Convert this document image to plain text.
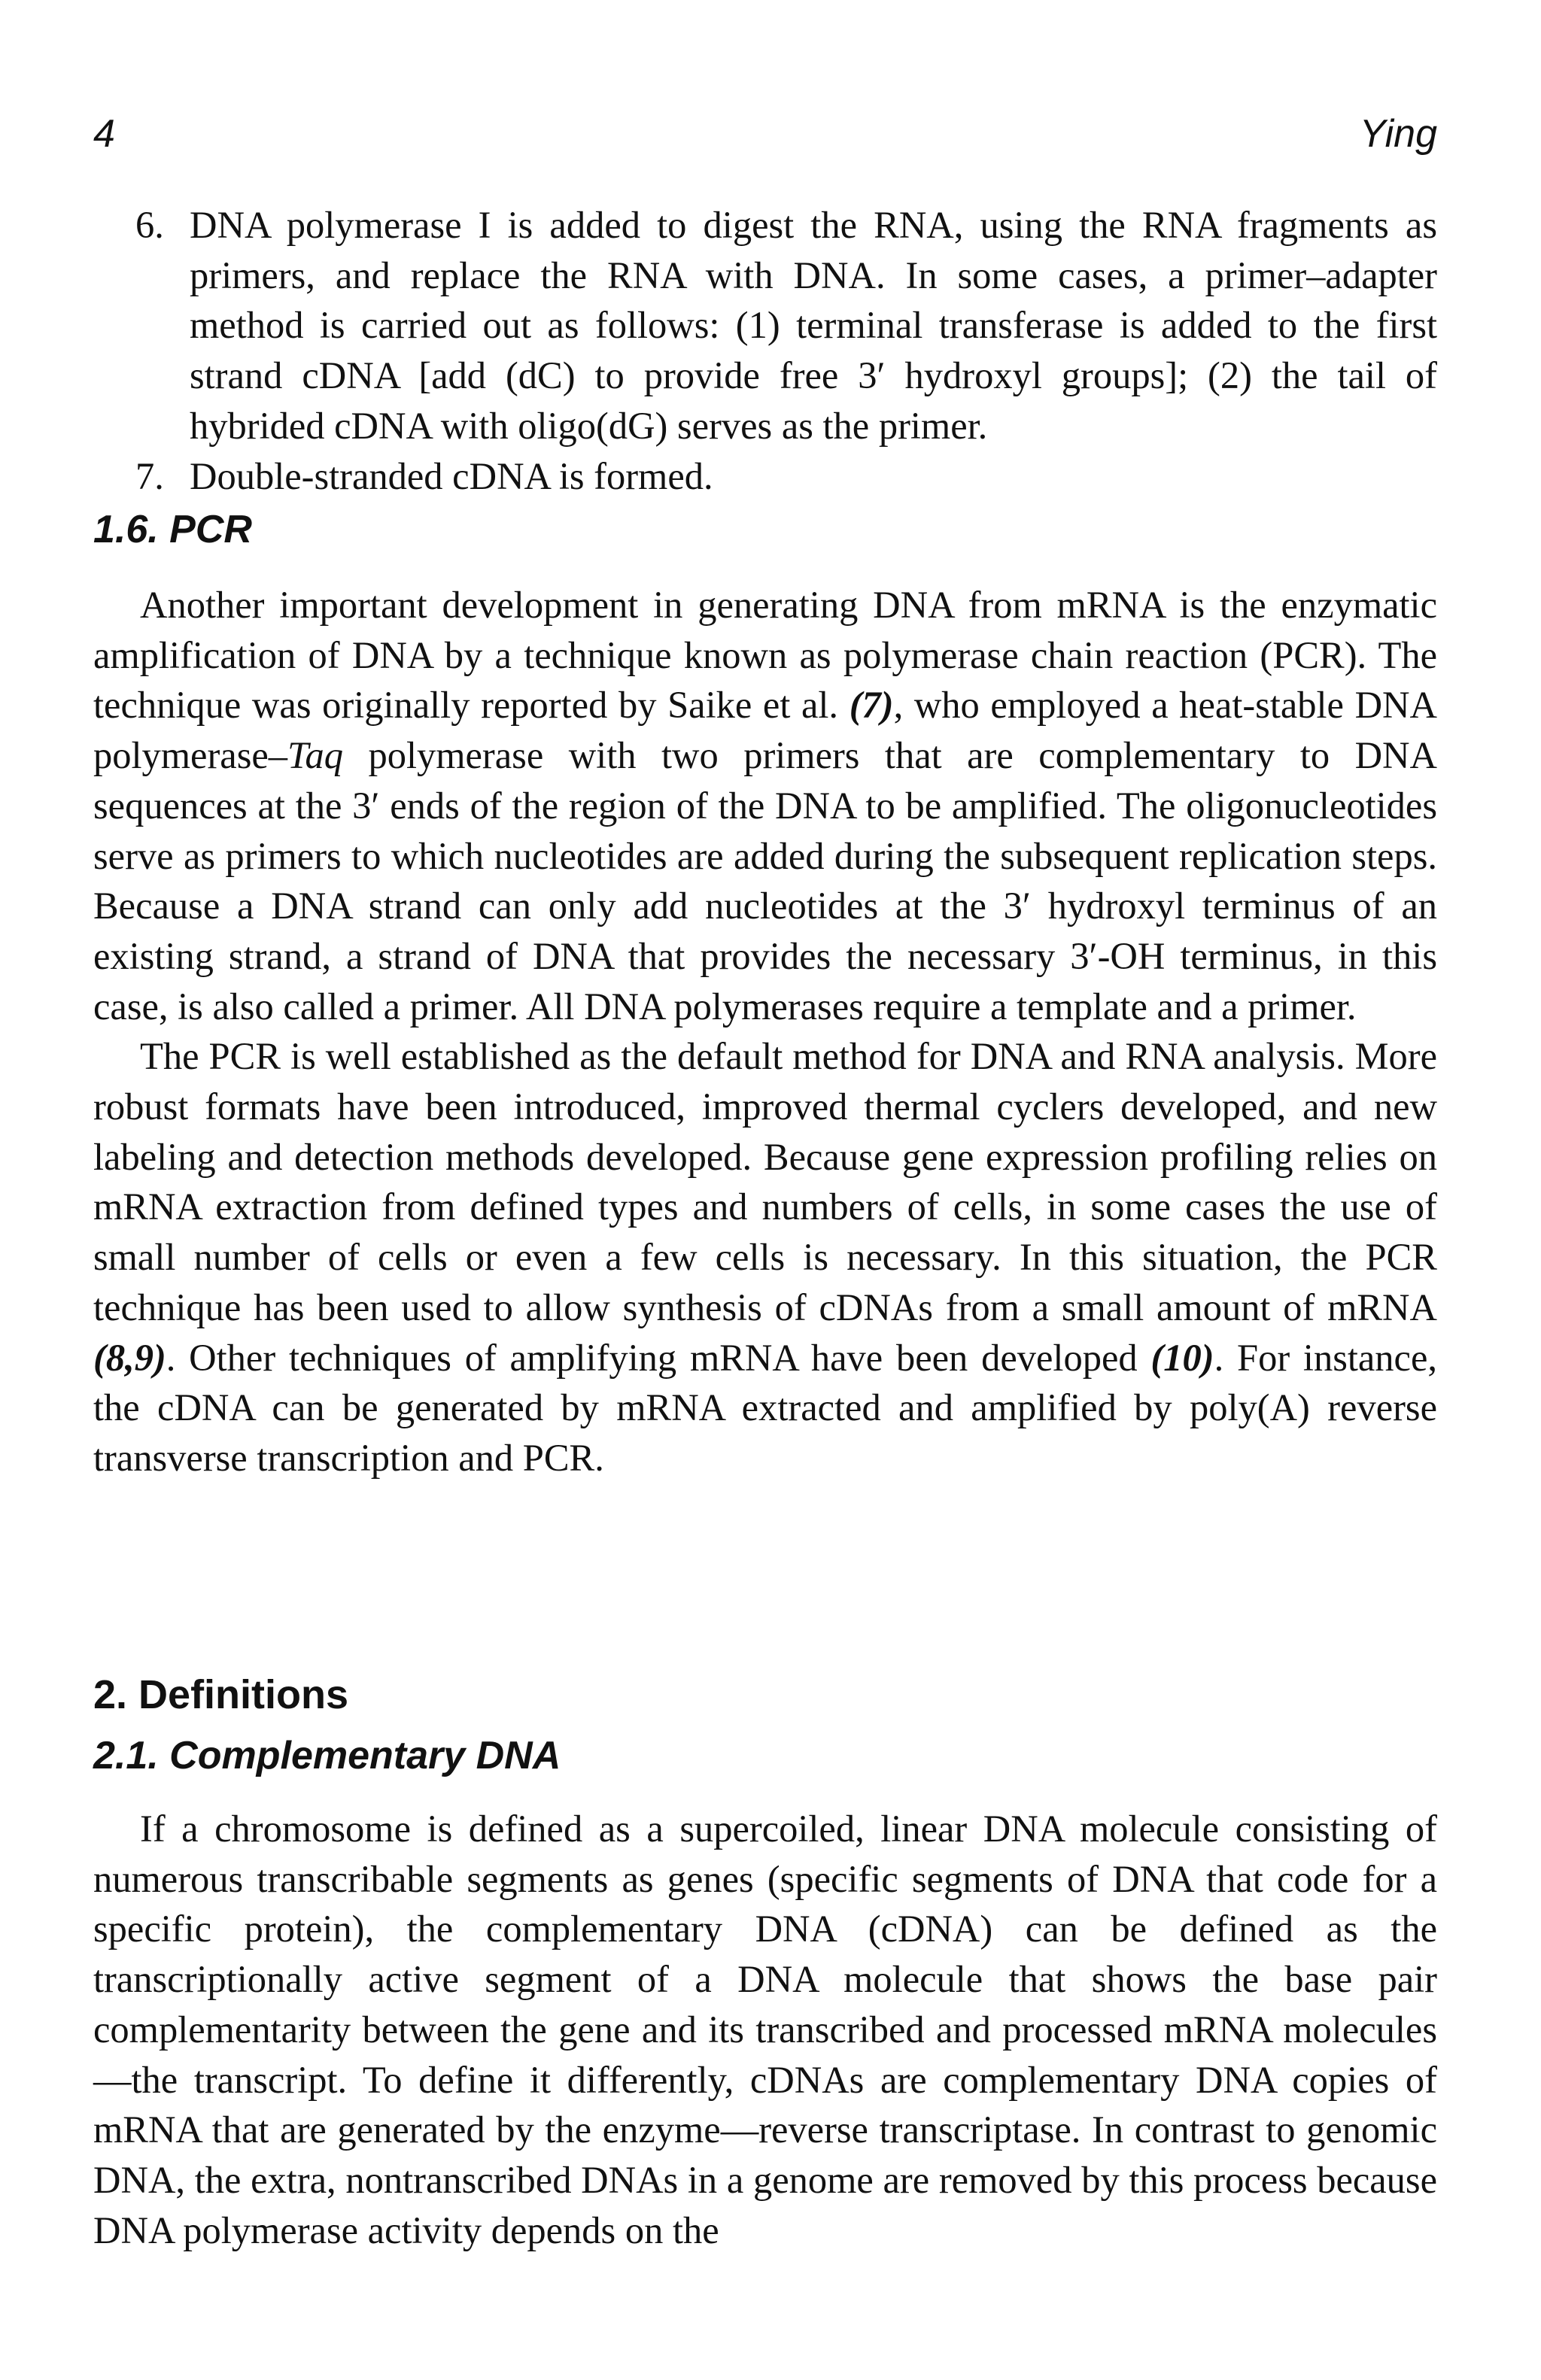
4	Ying
6. DNA polymerase I is added to digest the RNA, using the RNA fragments as primers, and replace the RNA with DNA. In some cases, a primer–adapter method is carried out as follows: (1) terminal transferase is added to the first strand cDNA [add (dC) to provide free 3′ hydroxyl groups]; (2) the tail of hybrided cDNA with oligo(dG) serves as the primer.
7. Double-stranded cDNA is formed.
1.6. PCR

Another important development in generating DNA from mRNA is the enzymatic amplification of DNA by a technique known as polymerase chain reaction (PCR). The technique was originally reported by Saike et al. (7), who employed a heat-stable DNA polymerase–Taq polymerase with two primers that are complementary to DNA sequences at the 3′ ends of the region of the DNA to be amplified. The oligonucleotides serve as primers to which nucleotides are added during the subsequent replication steps. Because a DNA strand can only add nucleotides at the 3′ hydroxyl terminus of an existing strand, a strand of DNA that provides the necessary 3′-OH terminus, in this case, is also called a primer. All DNA polymerases require a template and a primer.

The PCR is well established as the default method for DNA and RNA analysis. More robust formats have been introduced, improved thermal cyclers developed, and new labeling and detection methods developed. Because gene expression profiling relies on mRNA extraction from defined types and numbers of cells, in some cases the use of small number of cells or even a few cells is necessary. In this situation, the PCR technique has been used to allow synthesis of cDNAs from a small amount of mRNA (8,9). Other techniques of amplifying mRNA have been developed (10). For instance, the cDNA can be generated by mRNA extracted and amplified by poly(A) reverse transverse transcription and PCR.

2. Definitions
2.1. Complementary DNA

If a chromosome is defined as a supercoiled, linear DNA molecule consisting of numerous transcribable segments as genes (specific segments of DNA that code for a specific protein), the complementary DNA (cDNA) can be defined as the transcriptionally active segment of a DNA molecule that shows the base pair complementarity between the gene and its transcribed and processed mRNA molecules—the transcript. To define it differently, cDNAs are complementary DNA copies of mRNA that are generated by the enzyme—reverse transcriptase. In contrast to genomic DNA, the extra, nontranscribed DNAs in a genome are removed by this process because DNA polymerase activity depends on the
